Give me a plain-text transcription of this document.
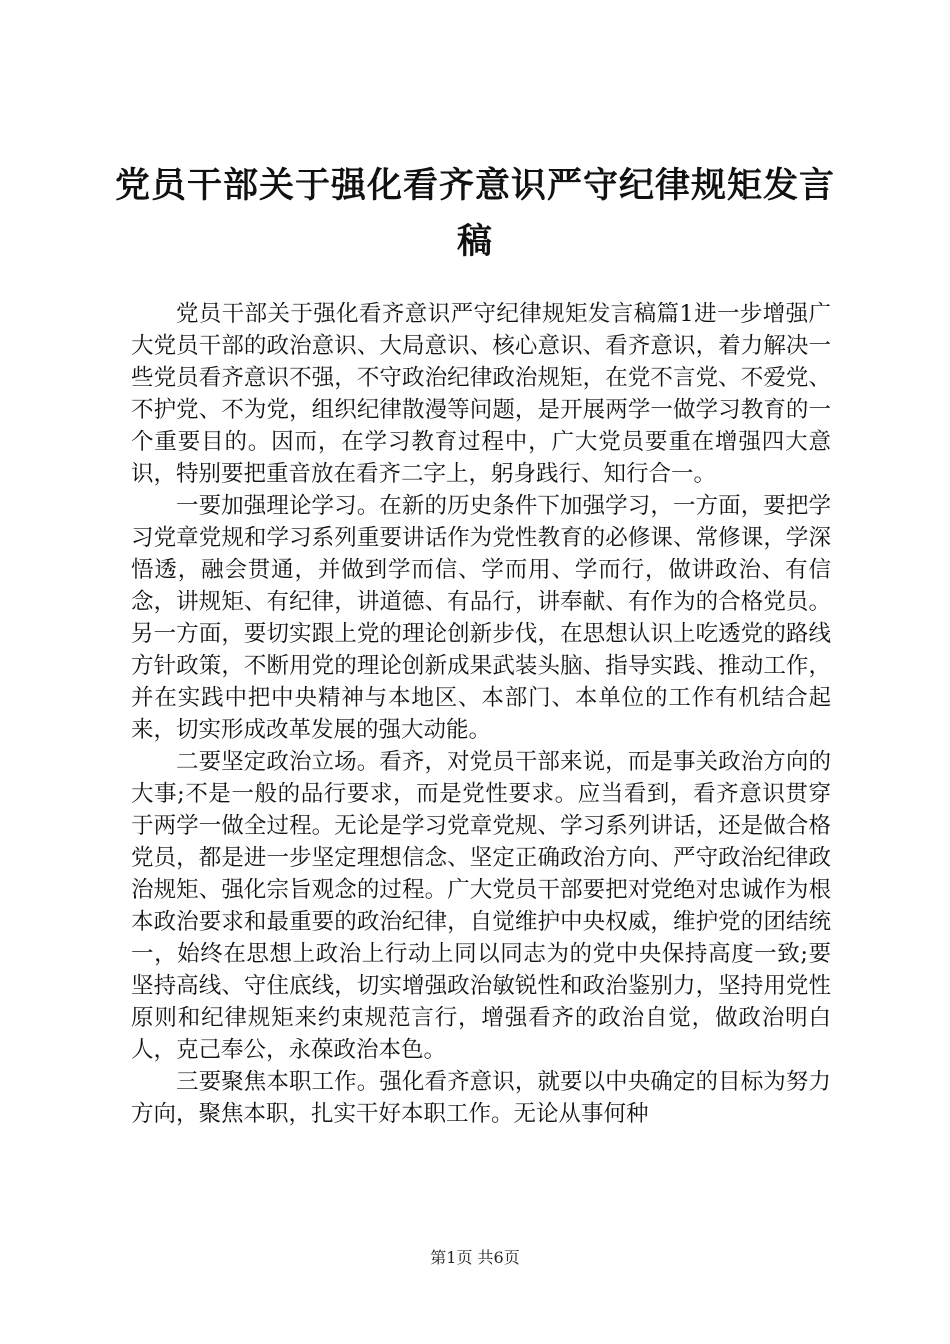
党员干部关于强化看齐意识严守纪律规矩发言稿

党员干部关于强化看齐意识严守纪律规矩发言稿篇1进一步增强广大党员干部的政治意识、大局意识、核心意识、看齐意识，着力解决一些党员看齐意识不强，不守政治纪律政治规矩，在党不言党、不爱党、不护党、不为党，组织纪律散漫等问题，是开展两学一做学习教育的一个重要目的。因而，在学习教育过程中，广大党员要重在增强四大意识，特别要把重音放在看齐二字上，躬身践行、知行合一。

一要加强理论学习。在新的历史条件下加强学习，一方面，要把学习党章党规和学习系列重要讲话作为党性教育的必修课、常修课，学深悟透，融会贯通，并做到学而信、学而用、学而行，做讲政治、有信念，讲规矩、有纪律，讲道德、有品行，讲奉献、有作为的合格党员。另一方面，要切实跟上党的理论创新步伐，在思想认识上吃透党的路线方针政策，不断用党的理论创新成果武装头脑、指导实践、推动工作，并在实践中把中央精神与本地区、本部门、本单位的工作有机结合起来，切实形成改革发展的强大动能。

二要坚定政治立场。看齐，对党员干部来说，而是事关政治方向的大事;不是一般的品行要求，而是党性要求。应当看到，看齐意识贯穿于两学一做全过程。无论是学习党章党规、学习系列讲话，还是做合格党员，都是进一步坚定理想信念、坚定正确政治方向、严守政治纪律政治规矩、强化宗旨观念的过程。广大党员干部要把对党绝对忠诚作为根本政治要求和最重要的政治纪律，自觉维护中央权威，维护党的团结统一，始终在思想上政治上行动上同以同志为的党中央保持高度一致;要坚持高线、守住底线，切实增强政治敏锐性和政治鉴别力，坚持用党性原则和纪律规矩来约束规范言行，增强看齐的政治自觉，做政治明白人，克己奉公，永葆政治本色。

三要聚焦本职工作。强化看齐意识，就要以中央确定的目标为努力方向，聚焦本职，扎实干好本职工作。无论从事何种

第1页 共6页
